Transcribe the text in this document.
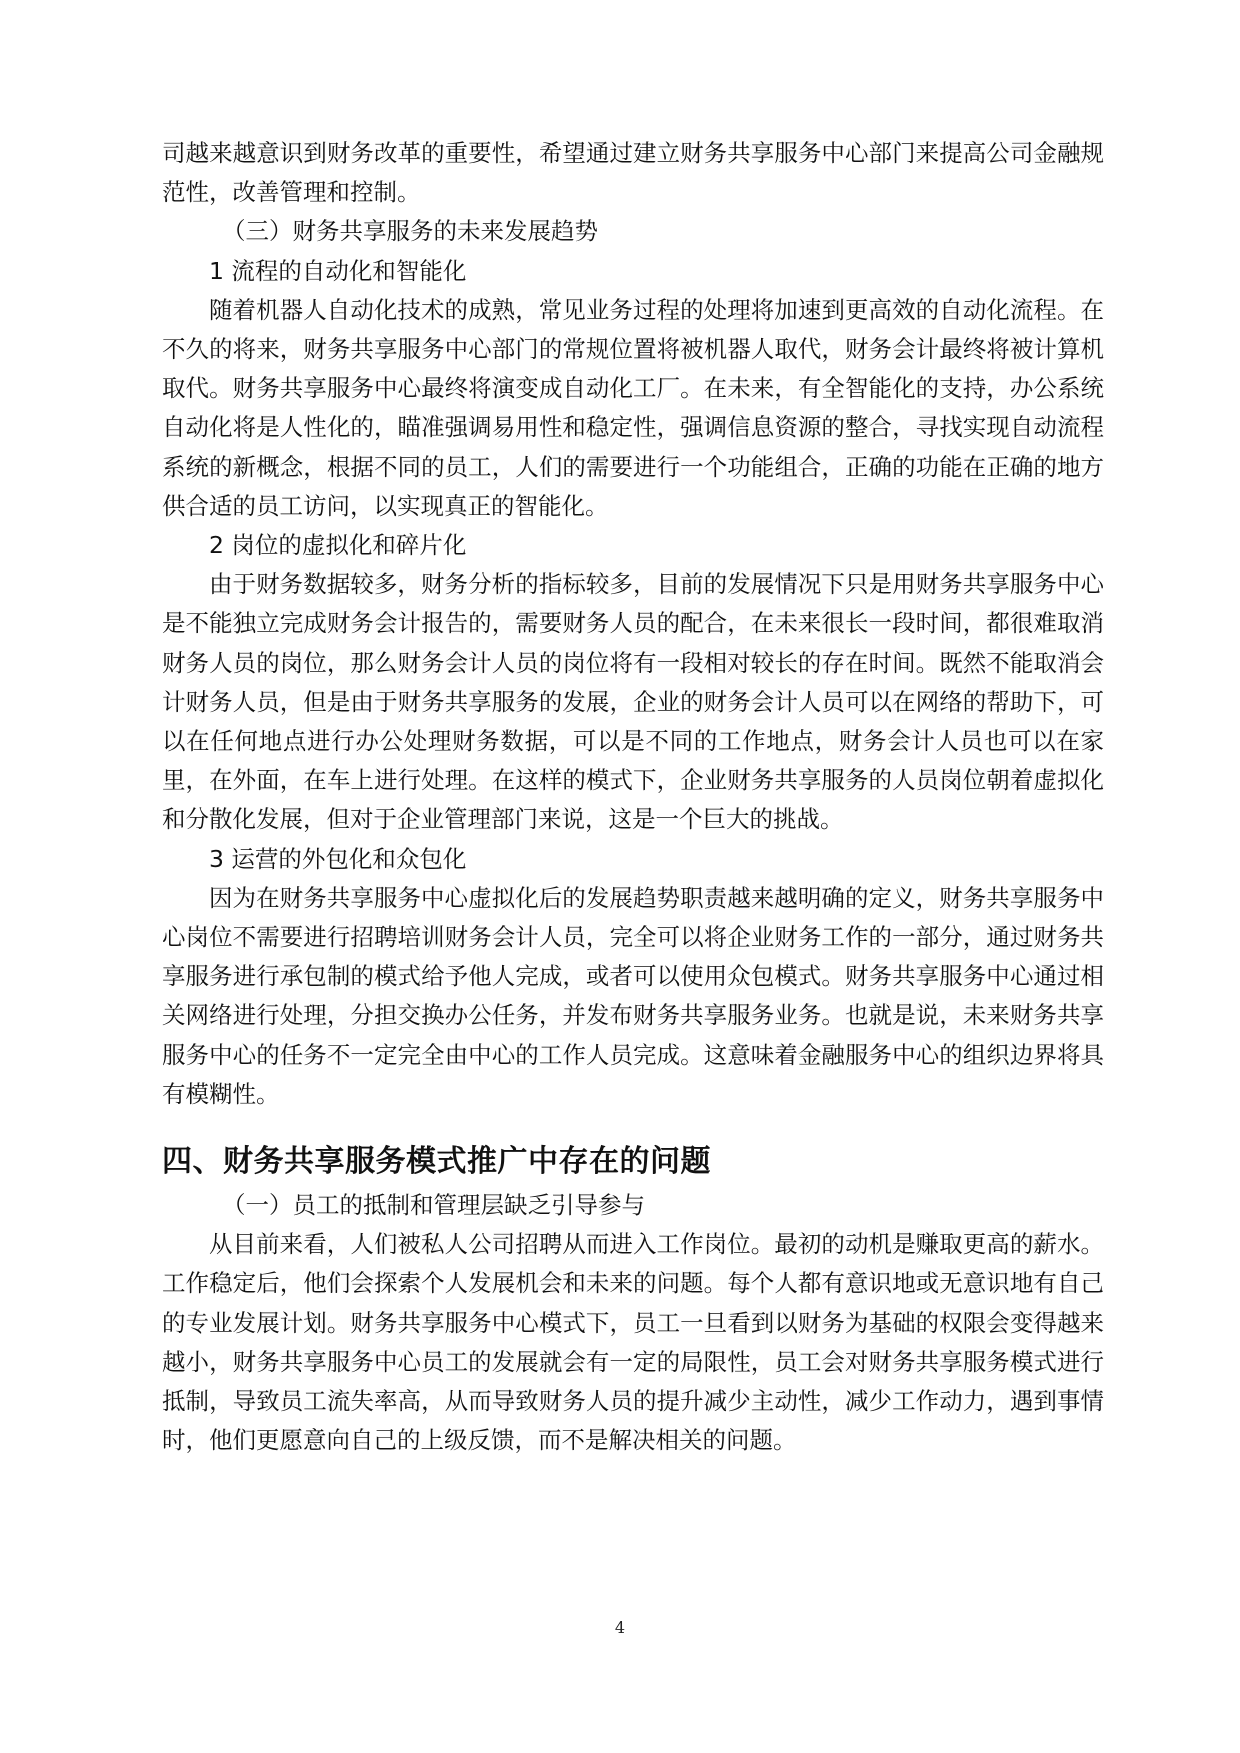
司越来越意识到财务改革的重要性，希望通过建立财务共享服务中心部门来提高公司金融规范性，改善管理和控制。

（三）财务共享服务的未来发展趋势

1 流程的自动化和智能化

随着机器人自动化技术的成熟，常见业务过程的处理将加速到更高效的自动化流程。在不久的将来，财务共享服务中心部门的常规位置将被机器人取代，财务会计最终将被计算机取代。财务共享服务中心最终将演变成自动化工厂。在未来，有全智能化的支持，办公系统自动化将是人性化的，瞄准强调易用性和稳定性，强调信息资源的整合，寻找实现自动流程系统的新概念，根据不同的员工，人们的需要进行一个功能组合，正确的功能在正确的地方供合适的员工访问，以实现真正的智能化。

2 岗位的虚拟化和碎片化

由于财务数据较多，财务分析的指标较多，目前的发展情况下只是用财务共享服务中心是不能独立完成财务会计报告的，需要财务人员的配合，在未来很长一段时间，都很难取消财务人员的岗位，那么财务会计人员的岗位将有一段相对较长的存在时间。既然不能取消会计财务人员，但是由于财务共享服务的发展，企业的财务会计人员可以在网络的帮助下，可以在任何地点进行办公处理财务数据，可以是不同的工作地点，财务会计人员也可以在家里，在外面，在车上进行处理。在这样的模式下，企业财务共享服务的人员岗位朝着虚拟化和分散化发展，但对于企业管理部门来说，这是一个巨大的挑战。

3 运营的外包化和众包化

因为在财务共享服务中心虚拟化后的发展趋势职责越来越明确的定义，财务共享服务中心岗位不需要进行招聘培训财务会计人员，完全可以将企业财务工作的一部分，通过财务共享服务进行承包制的模式给予他人完成，或者可以使用众包模式。财务共享服务中心通过相关网络进行处理，分担交换办公任务，并发布财务共享服务业务。也就是说，未来财务共享服务中心的任务不一定完全由中心的工作人员完成。这意味着金融服务中心的组织边界将具有模糊性。

四、财务共享服务模式推广中存在的问题

（一）员工的抵制和管理层缺乏引导参与

从目前来看，人们被私人公司招聘从而进入工作岗位。最初的动机是赚取更高的薪水。工作稳定后，他们会探索个人发展机会和未来的问题。每个人都有意识地或无意识地有自己的专业发展计划。财务共享服务中心模式下，员工一旦看到以财务为基础的权限会变得越来越小，财务共享服务中心员工的发展就会有一定的局限性，员工会对财务共享服务模式进行抵制，导致员工流失率高，从而导致财务人员的提升减少主动性，减少工作动力，遇到事情时，他们更愿意向自己的上级反馈，而不是解决相关的问题。

4
